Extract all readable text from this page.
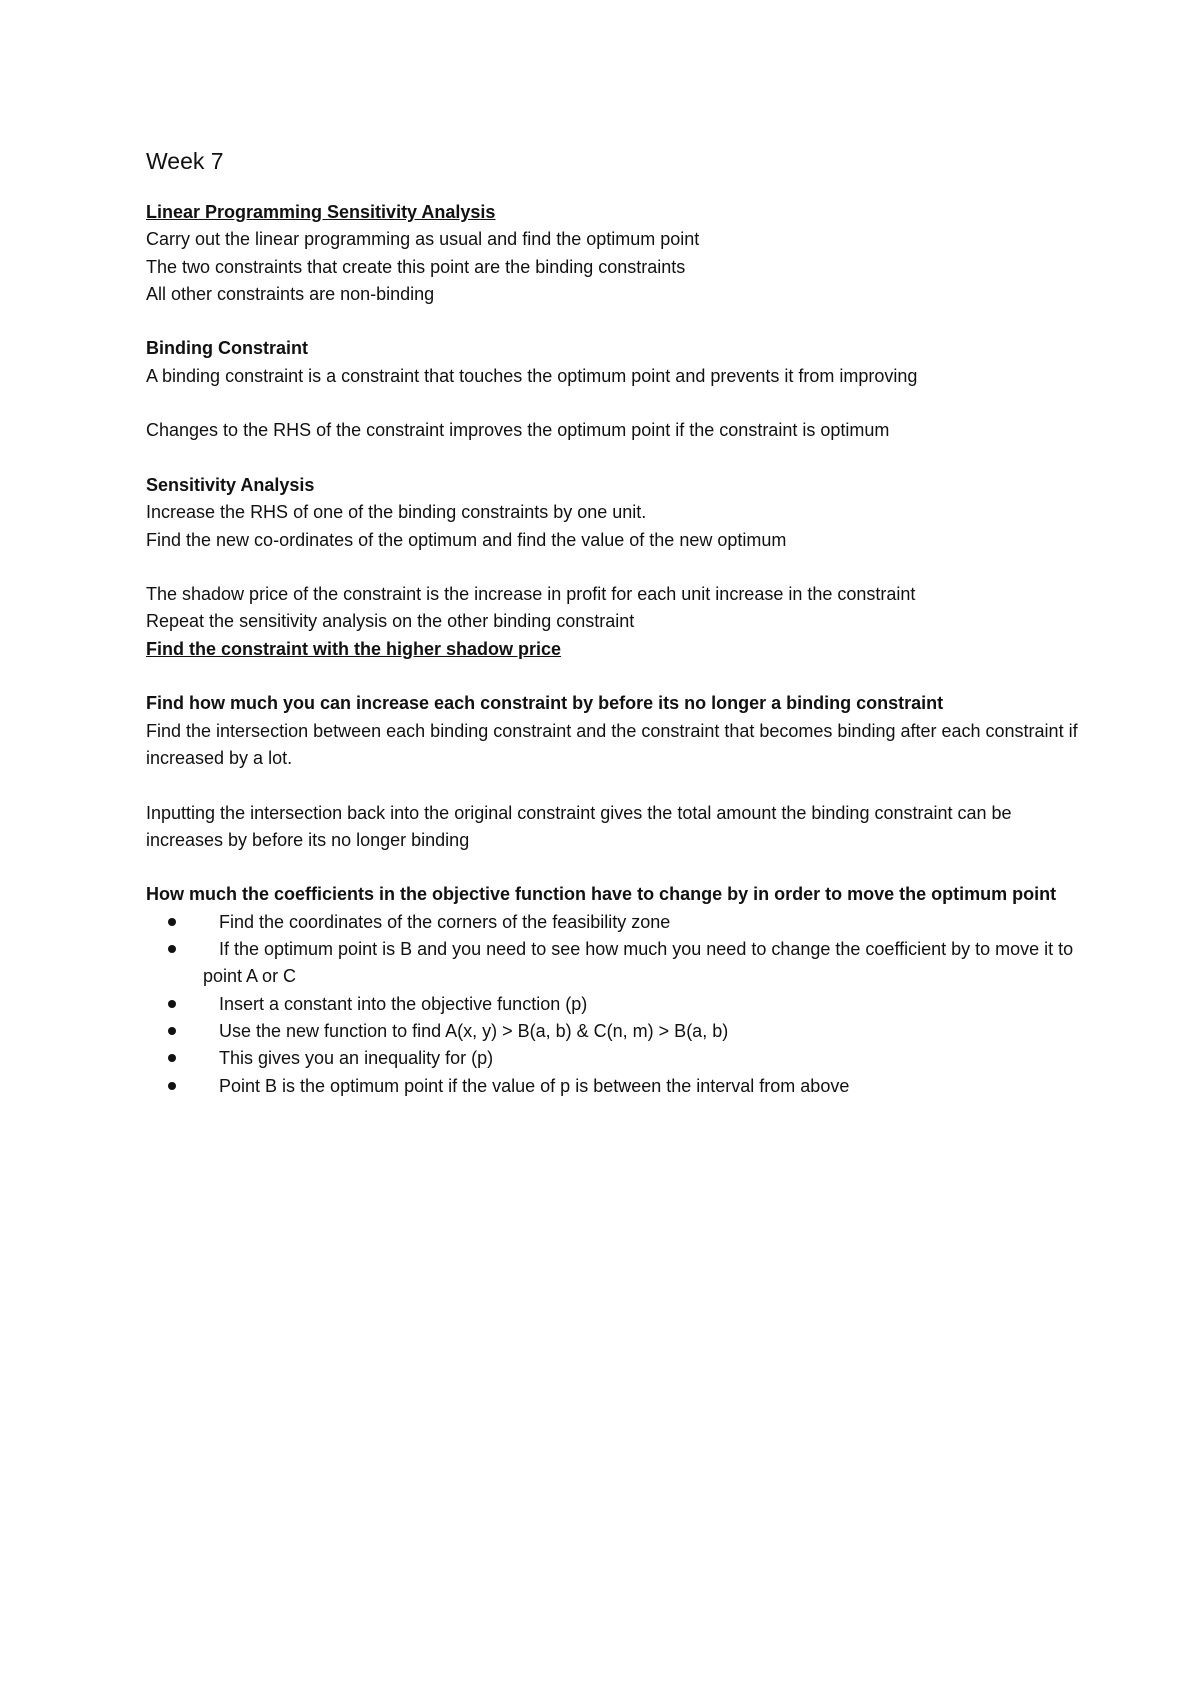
Week 7
Linear Programming Sensitivity Analysis
Carry out the linear programming as usual and find the optimum point
The two constraints that create this point are the binding constraints
All other constraints are non-binding
Binding Constraint
A binding constraint is a constraint that touches the optimum point and prevents it from improving
Changes to the RHS of the constraint improves the optimum point if the constraint is optimum
Sensitivity Analysis
Increase the RHS of one of the binding constraints by one unit.
Find the new co-ordinates of the optimum and find the value of the new optimum
The shadow price of the constraint is the increase in profit for each unit increase in the constraint
Repeat the sensitivity analysis on the other binding constraint
Find the constraint with the higher shadow price
Find how much you can increase each constraint by before its no longer a binding constraint
Find the intersection between each binding constraint and the constraint that becomes binding after each constraint if increased by a lot.
Inputting the intersection back into the original constraint gives the total amount the binding constraint can be increases by before its no longer binding
How much the coefficients in the objective function have to change by in order to move the optimum point
Find the coordinates of the corners of the feasibility zone
If the optimum point is B and you need to see how much you need to change the coefficient by to move it to point A or C
Insert a constant into the objective function (p)
Use the new function to find A(x, y) > B(a, b) & C(n, m) > B(a, b)
This gives you an inequality for (p)
Point B is the optimum point if the value of p is between the interval from above
